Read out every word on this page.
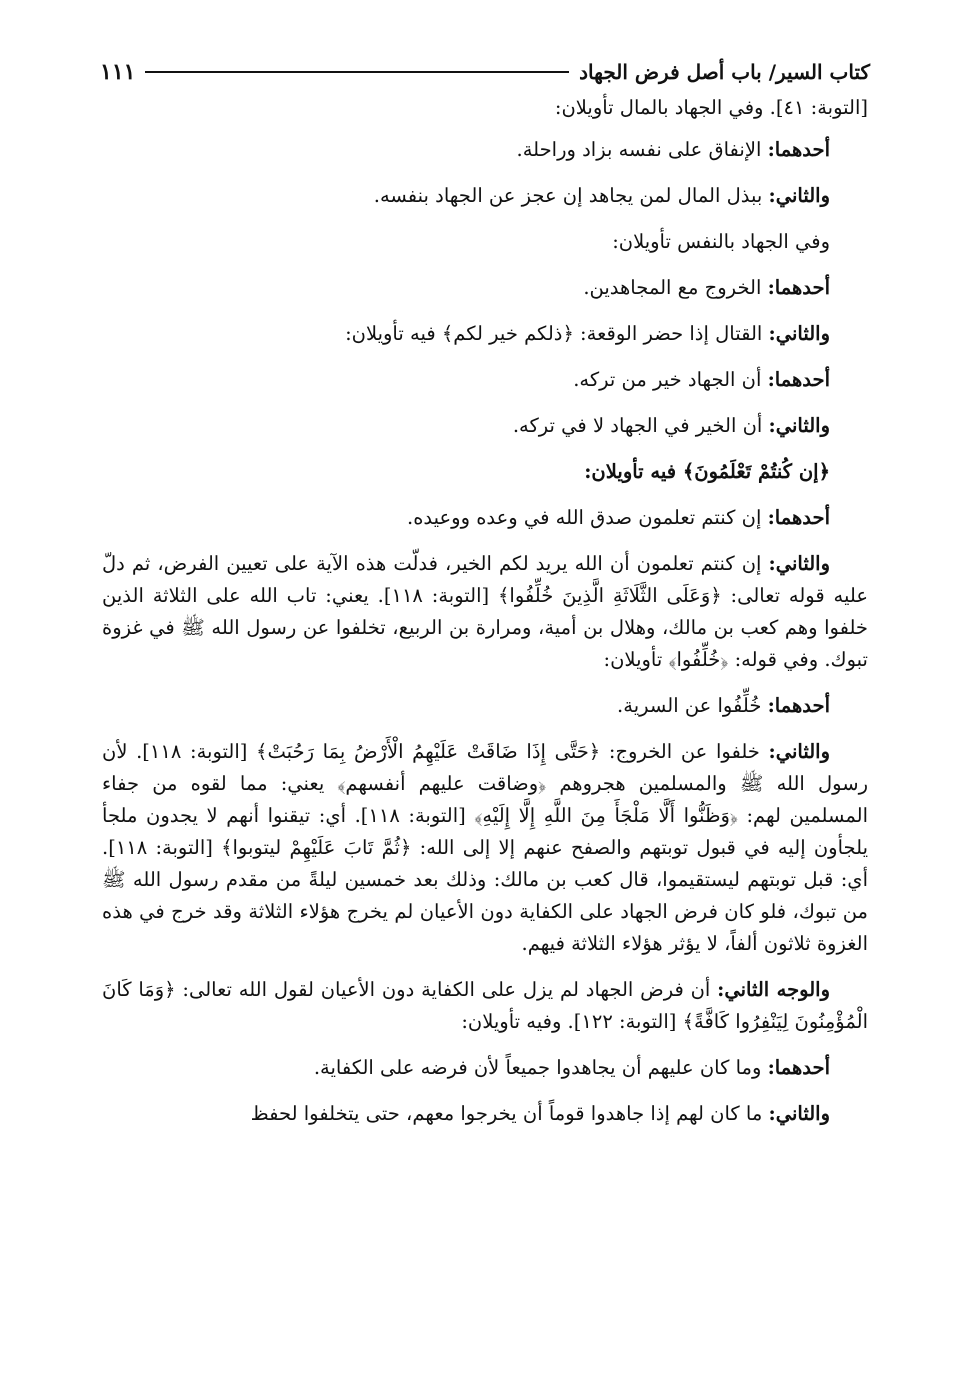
كتاب السير/ باب أصل فرض الجهاد
١١١

[التوبة: ٤١]. وفي الجهاد بالمال تأويلان:

أحدهما: الإنفاق على نفسه بزاد وراحلة.

والثاني: ببذل المال لمن يجاهد إن عجز عن الجهاد بنفسه.

وفي الجهاد بالنفس تأويلان:

أحدهما: الخروج مع المجاهدين.

والثاني: القتال إذا حضر الوقعة: ﴿ذلكم خير لكم﴾ فيه تأويلان:

أحدهما: أن الجهاد خير من تركه.

والثاني: أن الخير في الجهاد لا في تركه.

﴿إن كُنتُمْ تَعْلَمُونَ﴾ فيه تأويلان:

أحدهما: إن كنتم تعلمون صدق الله في وعده ووعيده.

والثاني: إن كنتم تعلمون أن الله يريد لكم الخير، فدلّت هذه الآية على تعيين الفرض، ثم دلّ عليه قوله تعالى: ﴿وَعَلَى الثَّلَاثَةِ الَّذِينَ خُلِّفُوا﴾ [التوبة: ١١٨]. يعني: تاب الله على الثلاثة الذين خلفوا وهم كعب بن مالك، وهلال بن أمية، ومرارة بن الربيع، تخلفوا عن رسول الله ﷺ في غزوة تبوك. وفي قوله: ﴿خُلِّفُوا﴾ تأويلان:

أحدهما: خُلِّفُوا عن السرية.

والثاني: خلفوا عن الخروج: ﴿حَتَّى إِذَا ضَاقَتْ عَلَيْهِمُ الْأَرْضُ بِمَا رَحُبَتْ﴾ [التوبة: ١١٨]. لأن رسول الله ﷺ والمسلمين هجروهم ﴿وضاقت عليهم أنفسهم﴾ يعني: مما لقوه من جفاء المسلمين لهم: ﴿وَظَنُّوا أَلَّا مَلْجَأَ مِنَ اللَّهِ إِلَّا إِلَيْهِ﴾ [التوبة: ١١٨]. أي: تيقنوا أنهم لا يجدون ملجأ يلجأون إليه في قبول توبتهم والصفح عنهم إلا إلى الله: ﴿ثُمَّ تَابَ عَلَيْهِمْ ليتوبوا﴾ [التوبة: ١١٨]. أي: قبل توبتهم ليستقيموا، قال كعب بن مالك: وذلك بعد خمسين ليلةً من مقدم رسول الله ﷺ من تبوك، فلو كان فرض الجهاد على الكفاية دون الأعيان لم يخرج هؤلاء الثلاثة وقد خرج في هذه الغزوة ثلاثون ألفاً، لا يؤثر هؤلاء الثلاثة فيهم.

والوجه الثاني: أن فرض الجهاد لم يزل على الكفاية دون الأعيان لقول الله تعالى: ﴿وَمَا كَانَ الْمُؤْمِنُونَ لِيَنْفِرُوا كَافَّةً﴾ [التوبة: ١٢٢]. وفيه تأويلان:

أحدهما: وما كان عليهم أن يجاهدوا جميعاً لأن فرضه على الكفاية.

والثاني: ما كان لهم إذا جاهدوا قوماً أن يخرجوا معهم، حتى يتخلفوا لحفظ
